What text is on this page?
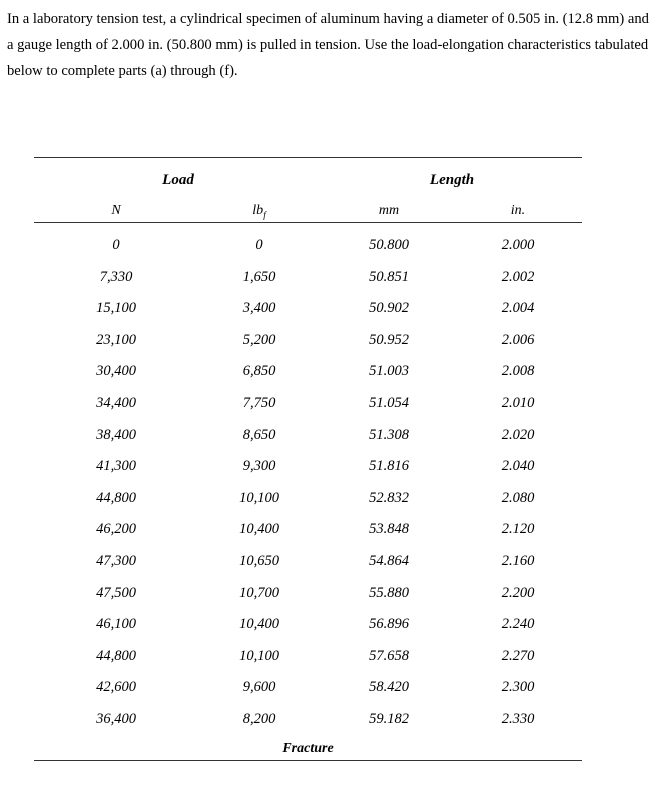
In a laboratory tension test, a cylindrical specimen of aluminum having a diameter of 0.505 in. (12.8 mm) and a gauge length of 2.000 in. (50.800 mm) is pulled in tension. Use the load-elongation characteristics tabulated below to complete parts (a) through (f).

Load	Length
N	$lb_f$	mm	in.
0	0	50.800	2.000
7,330	1,650	50.851	2.002
15,100	3,400	50.902	2.004
23,100	5,200	50.952	2.006
30,400	6,850	51.003	2.008
34,400	7,750	51.054	2.010
38,400	8,650	51.308	2.020
41,300	9,300	51.816	2.040
44,800	10,100	52.832	2.080
46,200	10,400	53.848	2.120
47,300	10,650	54.864	2.160
47,500	10,700	55.880	2.200
46,100	10,400	56.896	2.240
44,800	10,100	57.658	2.270
42,600	9,600	58.420	2.300
36,400	8,200	59.182	2.330
Fracture
